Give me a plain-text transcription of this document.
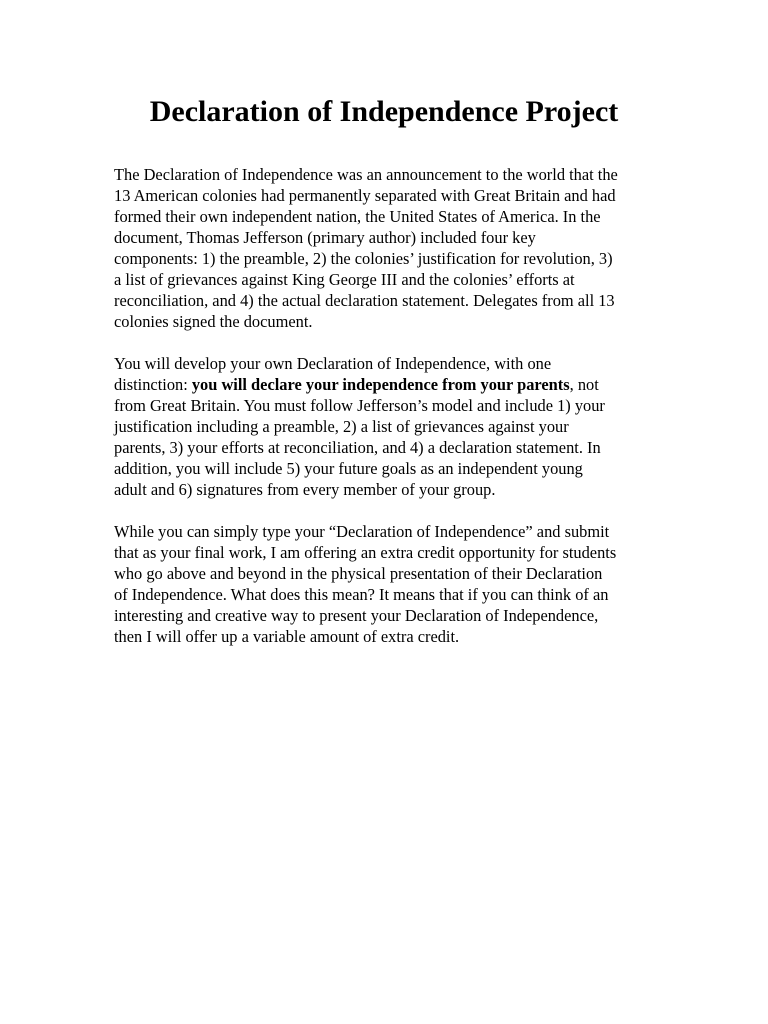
Declaration of Independence Project

The Declaration of Independence was an announcement to the world that the
13 American colonies had permanently separated with Great Britain and had
formed their own independent nation, the United States of America. In the
document, Thomas Jefferson (primary author) included four key
components: 1) the preamble, 2) the colonies’ justification for revolution, 3)
a list of grievances against King George III and the colonies’ efforts at
reconciliation, and 4) the actual declaration statement. Delegates from all 13
colonies signed the document.

You will develop your own Declaration of Independence, with one
distinction: you will declare your independence from your parents, not
from Great Britain. You must follow Jefferson’s model and include 1) your
justification including a preamble, 2) a list of grievances against your
parents, 3) your efforts at reconciliation, and 4) a declaration statement. In
addition, you will include 5) your future goals as an independent young
adult and 6) signatures from every member of your group.

While you can simply type your “Declaration of Independence” and submit
that as your final work, I am offering an extra credit opportunity for students
who go above and beyond in the physical presentation of their Declaration
of Independence. What does this mean? It means that if you can think of an
interesting and creative way to present your Declaration of Independence,
then I will offer up a variable amount of extra credit.
